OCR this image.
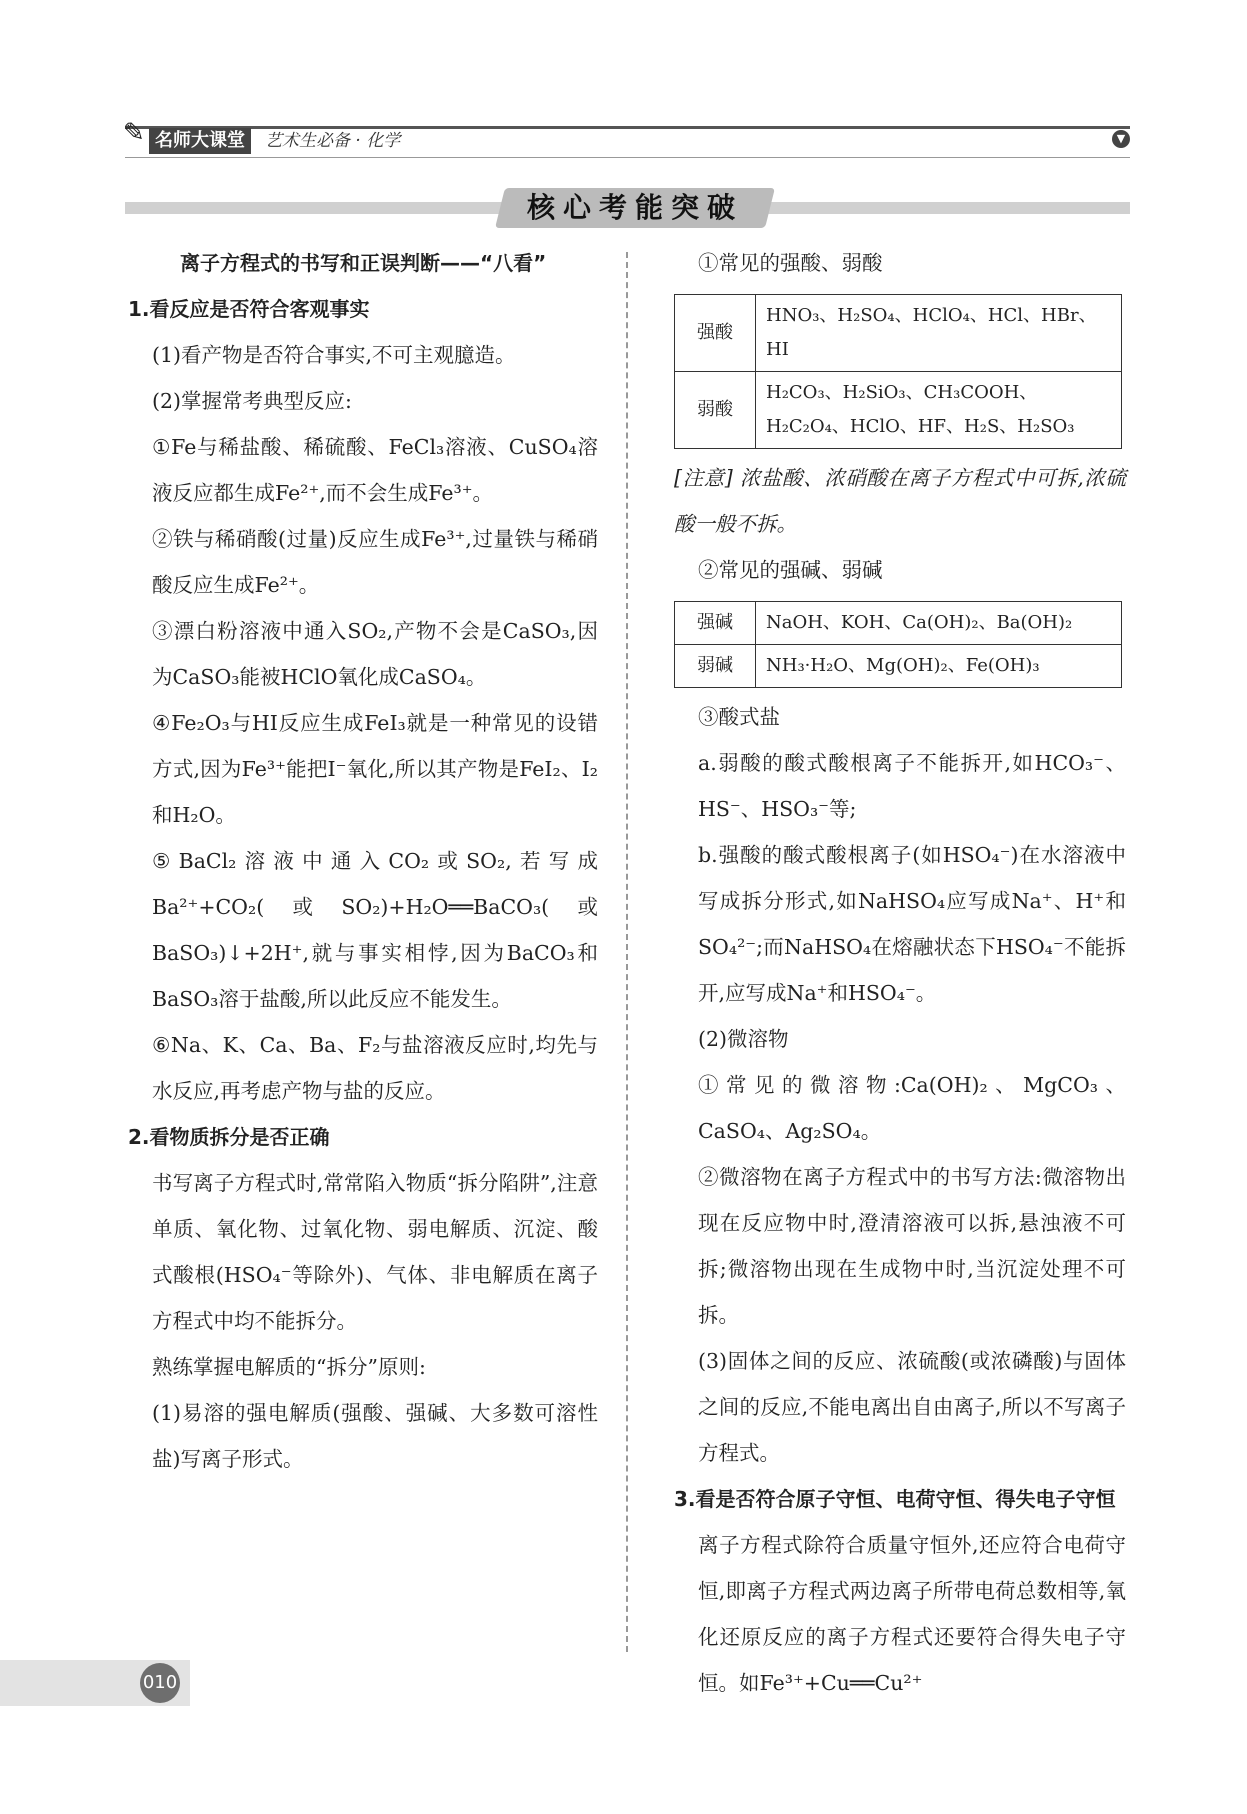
✎ 名师大课堂	艺术生必备 · 化学	▼
核心考能突破

离子方程式的书写和正误判断——“八看”

1.看反应是否符合客观事实

(1)看产物是否符合事实,不可主观臆造。

(2)掌握常考典型反应:

①Fe与稀盐酸、稀硫酸、FeCl₃溶液、CuSO₄溶液反应都生成Fe²⁺,而不会生成Fe³⁺。

②铁与稀硝酸(过量)反应生成Fe³⁺,过量铁与稀硝酸反应生成Fe²⁺。

③漂白粉溶液中通入SO₂,产物不会是CaSO₃,因为CaSO₃能被HClO氧化成CaSO₄。

④Fe₂O₃与HI反应生成FeI₃就是一种常见的设错方式,因为Fe³⁺能把I⁻氧化,所以其产物是FeI₂、I₂和H₂O。

⑤BaCl₂溶液中通入CO₂或SO₂,若写成Ba²⁺+CO₂(或SO₂)+H₂O══BaCO₃(或BaSO₃)↓+2H⁺,就与事实相悖,因为BaCO₃和BaSO₃溶于盐酸,所以此反应不能发生。

⑥Na、K、Ca、Ba、F₂与盐溶液反应时,均先与水反应,再考虑产物与盐的反应。

2.看物质拆分是否正确

书写离子方程式时,常常陷入物质“拆分陷阱”,注意单质、氧化物、过氧化物、弱电解质、沉淀、酸式酸根(HSO₄⁻等除外)、气体、非电解质在离子方程式中均不能拆分。

熟练掌握电解质的“拆分”原则:

(1)易溶的强电解质(强酸、强碱、大多数可溶性盐)写离子形式。

①常见的强酸、弱酸

强酸	HNO₃、H₂SO₄、HClO₄、HCl、HBr、HI
弱酸	H₂CO₃、H₂SiO₃、CH₃COOH、H₂C₂O₄、HClO、HF、H₂S、H₂SO₃

[注意] 浓盐酸、浓硝酸在离子方程式中可拆,浓硫酸一般不拆。

②常见的强碱、弱碱

强碱	NaOH、KOH、Ca(OH)₂、Ba(OH)₂
弱碱	NH₃·H₂O、Mg(OH)₂、Fe(OH)₃

③酸式盐

a.弱酸的酸式酸根离子不能拆开,如HCO₃⁻、HS⁻、HSO₃⁻等;

b.强酸的酸式酸根离子(如HSO₄⁻)在水溶液中写成拆分形式,如NaHSO₄应写成Na⁺、H⁺和SO₄²⁻;而NaHSO₄在熔融状态下HSO₄⁻不能拆开,应写成Na⁺和HSO₄⁻。

(2)微溶物

①常见的微溶物:Ca(OH)₂、MgCO₃、CaSO₄、Ag₂SO₄。

②微溶物在离子方程式中的书写方法:微溶物出现在反应物中时,澄清溶液可以拆,悬浊液不可拆;微溶物出现在生成物中时,当沉淀处理不可拆。

(3)固体之间的反应、浓硫酸(或浓磷酸)与固体之间的反应,不能电离出自由离子,所以不写离子方程式。

3.看是否符合原子守恒、电荷守恒、得失电子守恒

离子方程式除符合质量守恒外,还应符合电荷守恒,即离子方程式两边离子所带电荷总数相等,氧化还原反应的离子方程式还要符合得失电子守恒。如Fe³⁺+Cu══Cu²⁺

010
